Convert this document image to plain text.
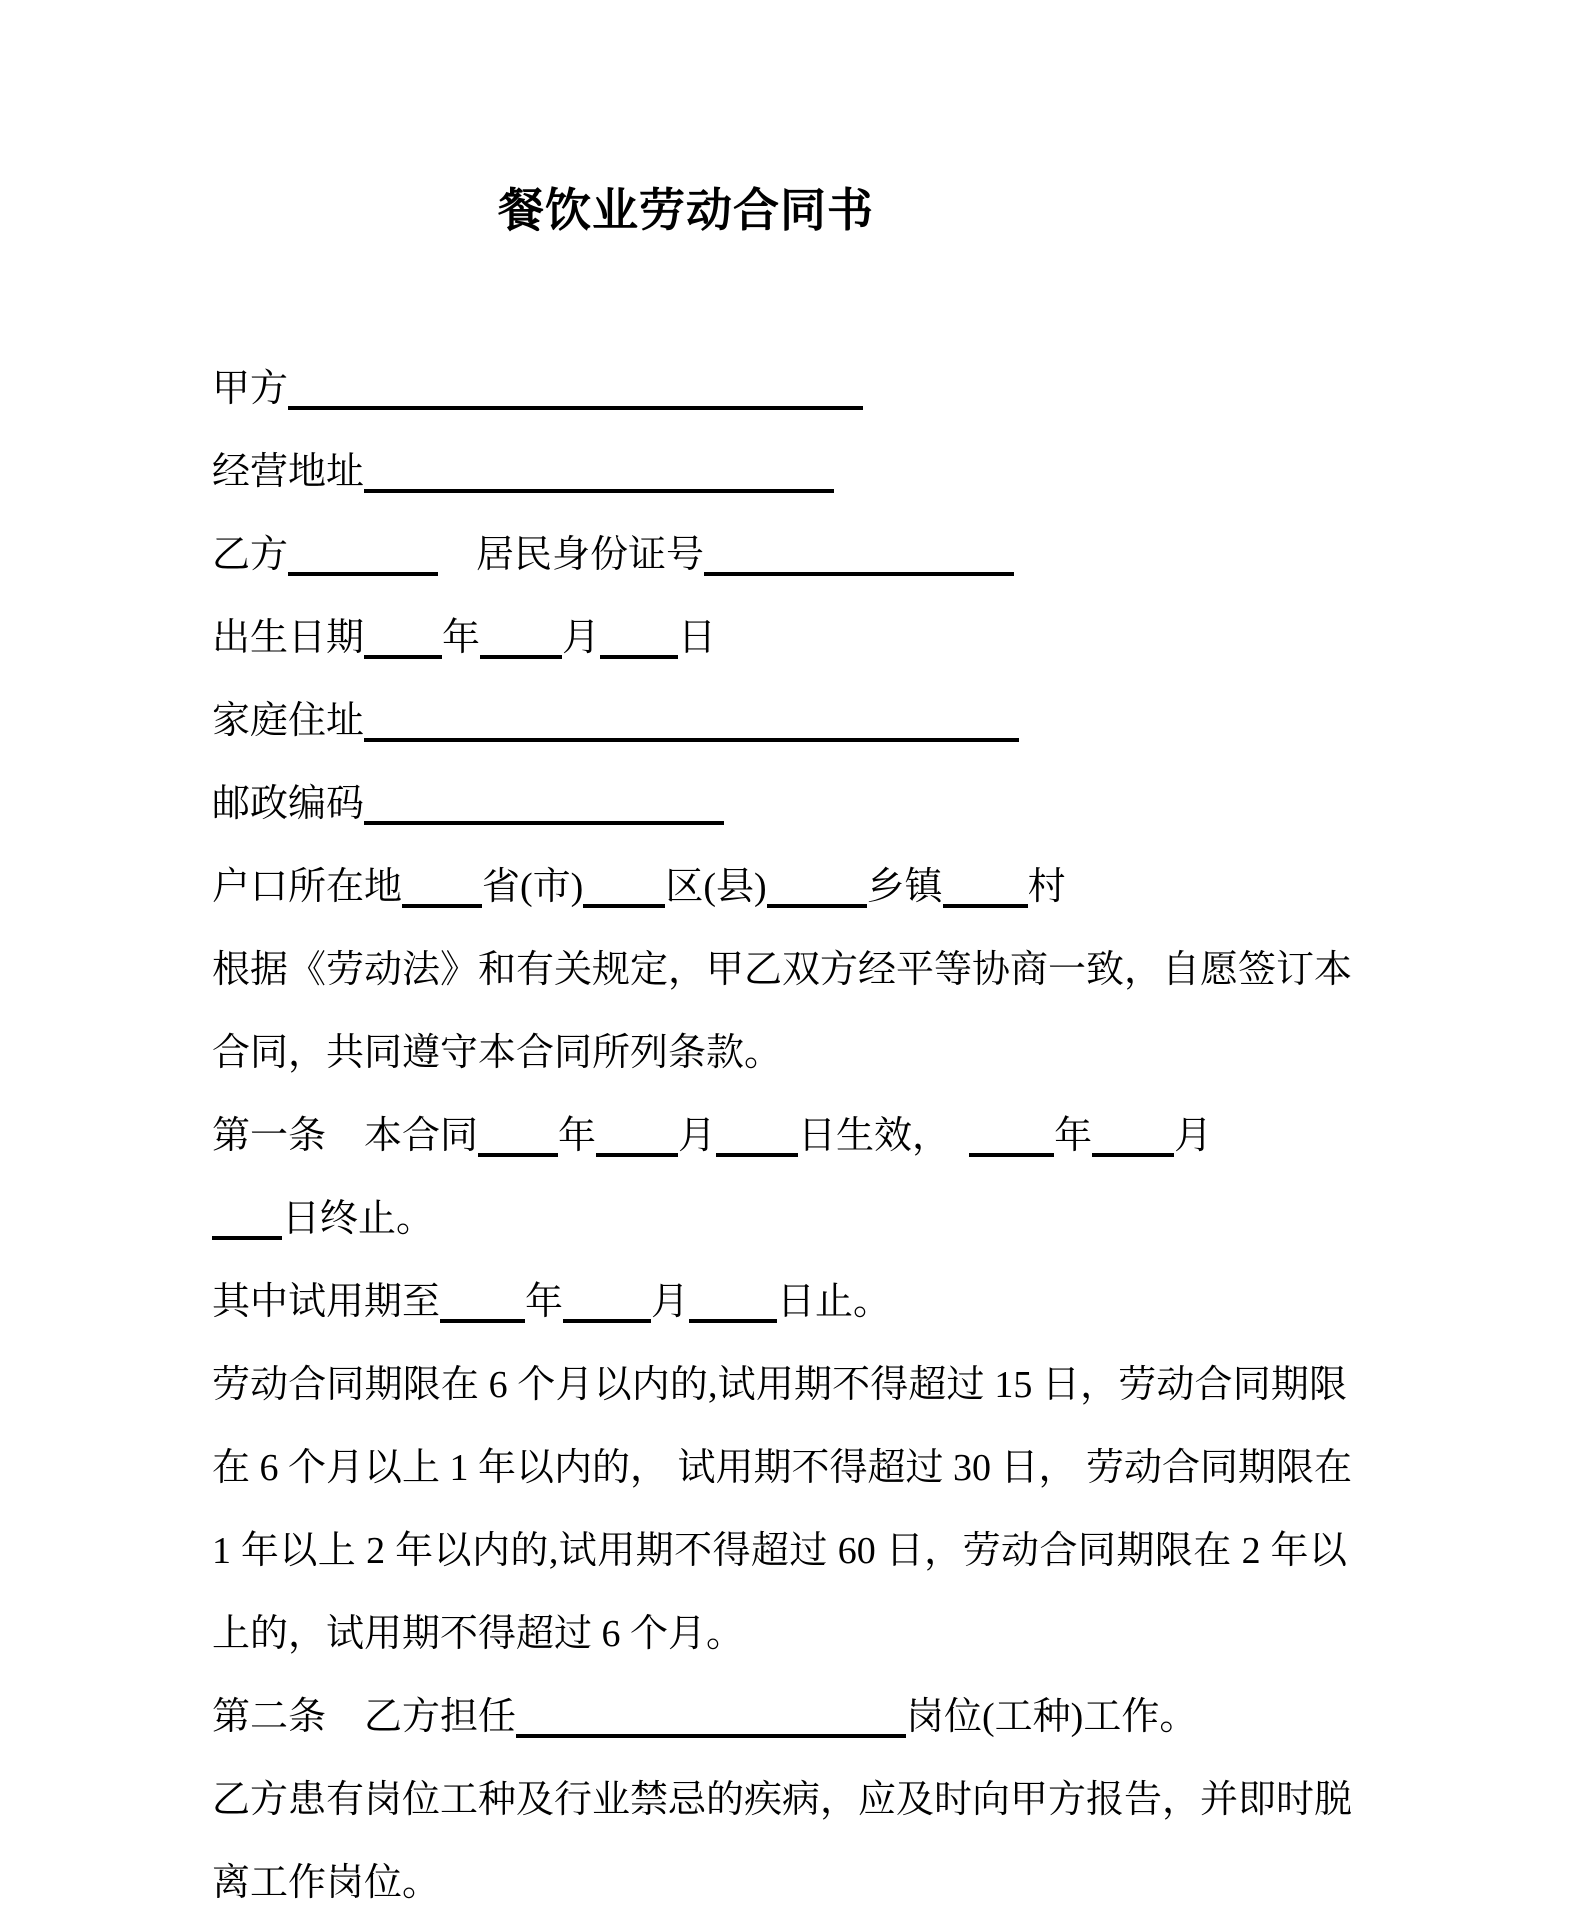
餐饮业劳动合同书

甲方

经营地址

乙方	　居民身份证号

出生日期 年 月 日

家庭住址

邮政编码

户口所在地 省(市) 区(县)	乡镇 村

根据《劳动法》和有关规定，甲乙双方经平等协商一致，自愿签订本

合同，共同遵守本合同所列条款。

第一条　本合同 年 月 日生效，　年 月

日终止。

其中试用期至 年 月 日止。

劳动合同期限在 6 个月以内的,试用期不得超过 15 日，劳动合同期限

在 6 个月以上 1 年以内的， 试用期不得超过 30 日， 劳动合同期限在

1 年以上 2 年以内的,试用期不得超过 60 日，劳动合同期限在 2 年以

上的，试用期不得超过 6 个月。

第二条　乙方担任	岗位(工种)工作。

乙方患有岗位工种及行业禁忌的疾病，应及时向甲方报告，并即时脱

离工作岗位。
